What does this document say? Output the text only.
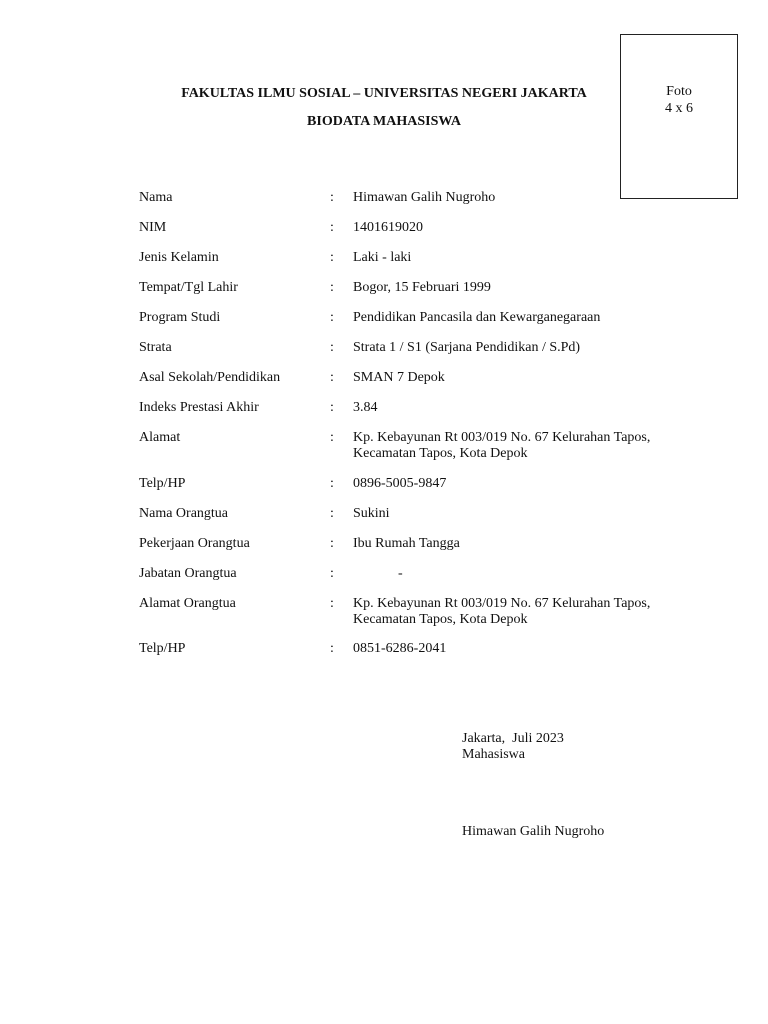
Foto
4 x 6
FAKULTAS ILMU SOSIAL – UNIVERSITAS NEGERI JAKARTA
BIODATA MAHASISWA
Nama	: Himawan Galih Nugroho
NIM	: 1401619020
Jenis Kelamin	: Laki - laki
Tempat/Tgl Lahir	: Bogor, 15 Februari 1999
Program Studi	: Pendidikan Pancasila dan Kewarganegaraan
Strata	: Strata 1 / S1 (Sarjana Pendidikan / S.Pd)
Asal Sekolah/Pendidikan	: SMAN 7 Depok
Indeks Prestasi Akhir	: 3.84
Alamat	: Kp. Kebayunan Rt 003/019 No. 67 Kelurahan Tapos,
Kecamatan Tapos, Kota Depok
Telp/HP	: 0896-5005-9847
Nama Orangtua	: Sukini
Pekerjaan Orangtua	: Ibu Rumah Tangga
Jabatan Orangtua	:	-
Alamat Orangtua	: Kp. Kebayunan Rt 003/019 No. 67 Kelurahan Tapos,
Kecamatan Tapos, Kota Depok
Telp/HP	: 0851-6286-2041
Jakarta,  Juli 2023
Mahasiswa
Himawan Galih Nugroho
